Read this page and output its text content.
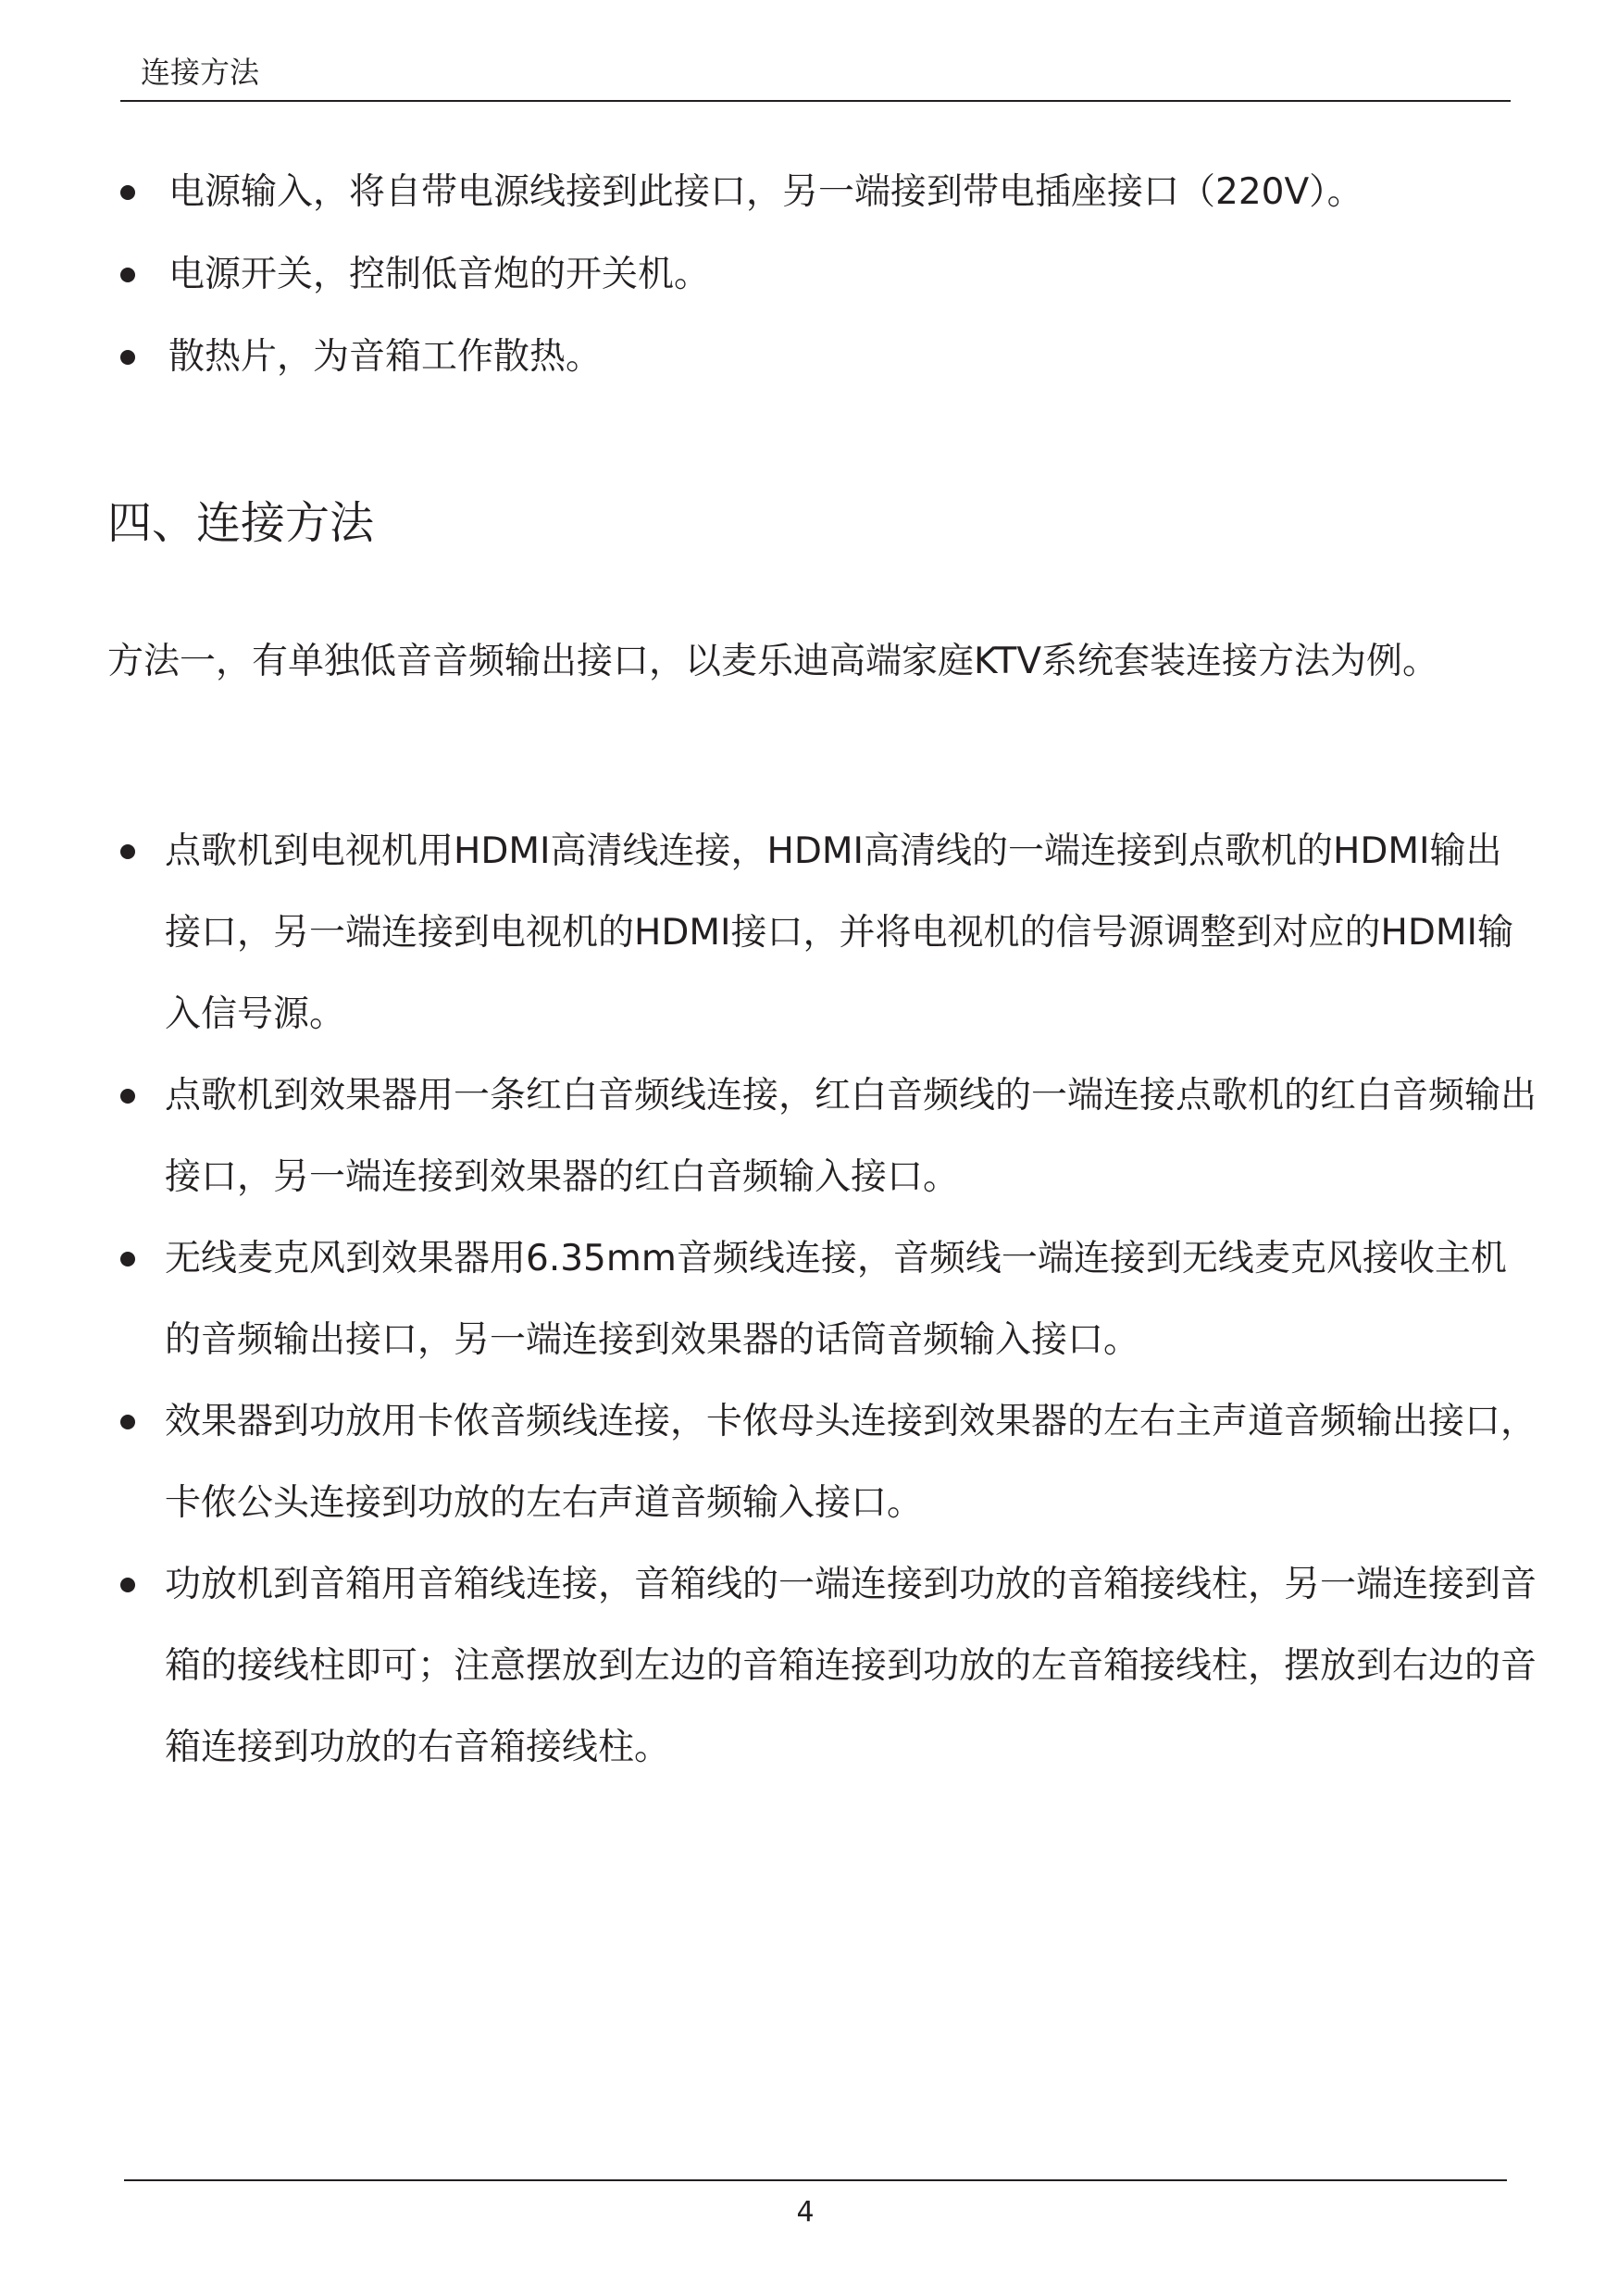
连接方法
电源输入，将自带电源线接到此接口，另一端接到带电插座接口（220V）。
电源开关，控制低音炮的开关机。
散热片，为音箱工作散热。
四、连接方法

方法一，有单独低音音频输出接口，以麦乐迪高端家庭KTV系统套装连接方法为例。

点歌机到电视机用HDMI高清线连接，HDMI高清线的一端连接到点歌机的HDMI输出接口，另一端连接到电视机的HDMI接口，并将电视机的信号源调整到对应的HDMI输入信号源。
点歌机到效果器用一条红白音频线连接，红白音频线的一端连接点歌机的红白音频输出接口，另一端连接到效果器的红白音频输入接口。
无线麦克风到效果器用6.35mm音频线连接，音频线一端连接到无线麦克风接收主机的音频输出接口，另一端连接到效果器的话筒音频输入接口。
效果器到功放用卡侬音频线连接，卡侬母头连接到效果器的左右主声道音频输出接口，卡侬公头连接到功放的左右声道音频输入接口。
功放机到音箱用音箱线连接，音箱线的一端连接到功放的音箱接线柱，另一端连接到音箱的接线柱即可；注意摆放到左边的音箱连接到功放的左音箱接线柱，摆放到右边的音箱连接到功放的右音箱接线柱。
4
